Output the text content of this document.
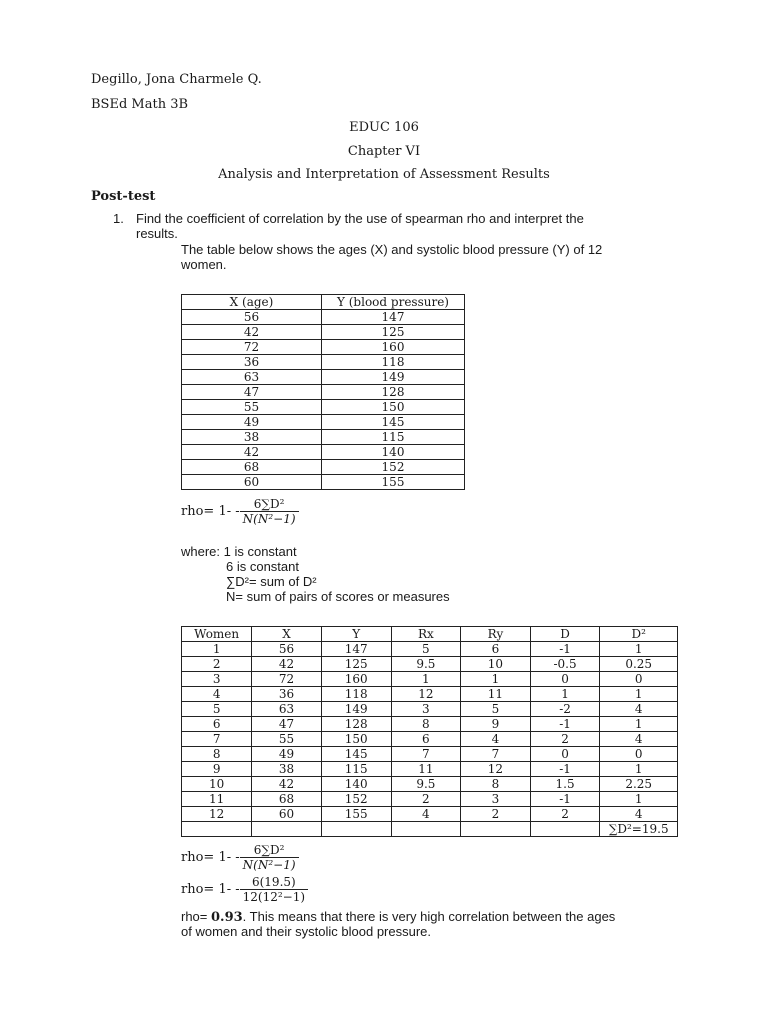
Degillo, Jona Charmele Q.
BSEd Math 3B
EDUC 106
Chapter VI
Analysis and Interpretation of Assessment Results
Post-test
1. Find the coefficient of correlation by the use of spearman rho and interpret the
results.
The table below shows the ages (X) and systolic blood pressure (Y) of 12
women.
X (age)	Y (blood pressure)
56	147
42	125
72	160
36	118
63	149
47	128
55	150
49	145
38	115
42	140
68	152
60	155
$rho= 1- - \frac{\text{6∑D²}}{\text{N(N²−1)}}$
where: 1 is constant
6 is constant
∑D²= sum of D²
N= sum of pairs of scores or measures
Women	X	Y	Rx	Ry	D	D²
1	56	147	5	6	-1	1
2	42	125	9.5	10	-0.5	0.25
3	72	160	1	1	0	0
4	36	118	12	11	1	1
5	63	149	3	5	-2	4
6	47	128	8	9	-1	1
7	55	150	6	4	2	4
8	49	145	7	7	0	0
9	38	115	11	12	-1	1
10	42	140	9.5	8	1.5	2.25
11	68	152	2	3	-1	1
12	60	155	4	2	2	4
						∑D²=19.5
$rho= 1- - \frac{\text{6∑D²}}{\text{N(N²−1)}}$
$rho= 1- - \frac{6(19.5)}{\text{12(12²−1)}}$
rho= 0.93. This means that there is very high correlation between the ages
of women and their systolic blood pressure.
